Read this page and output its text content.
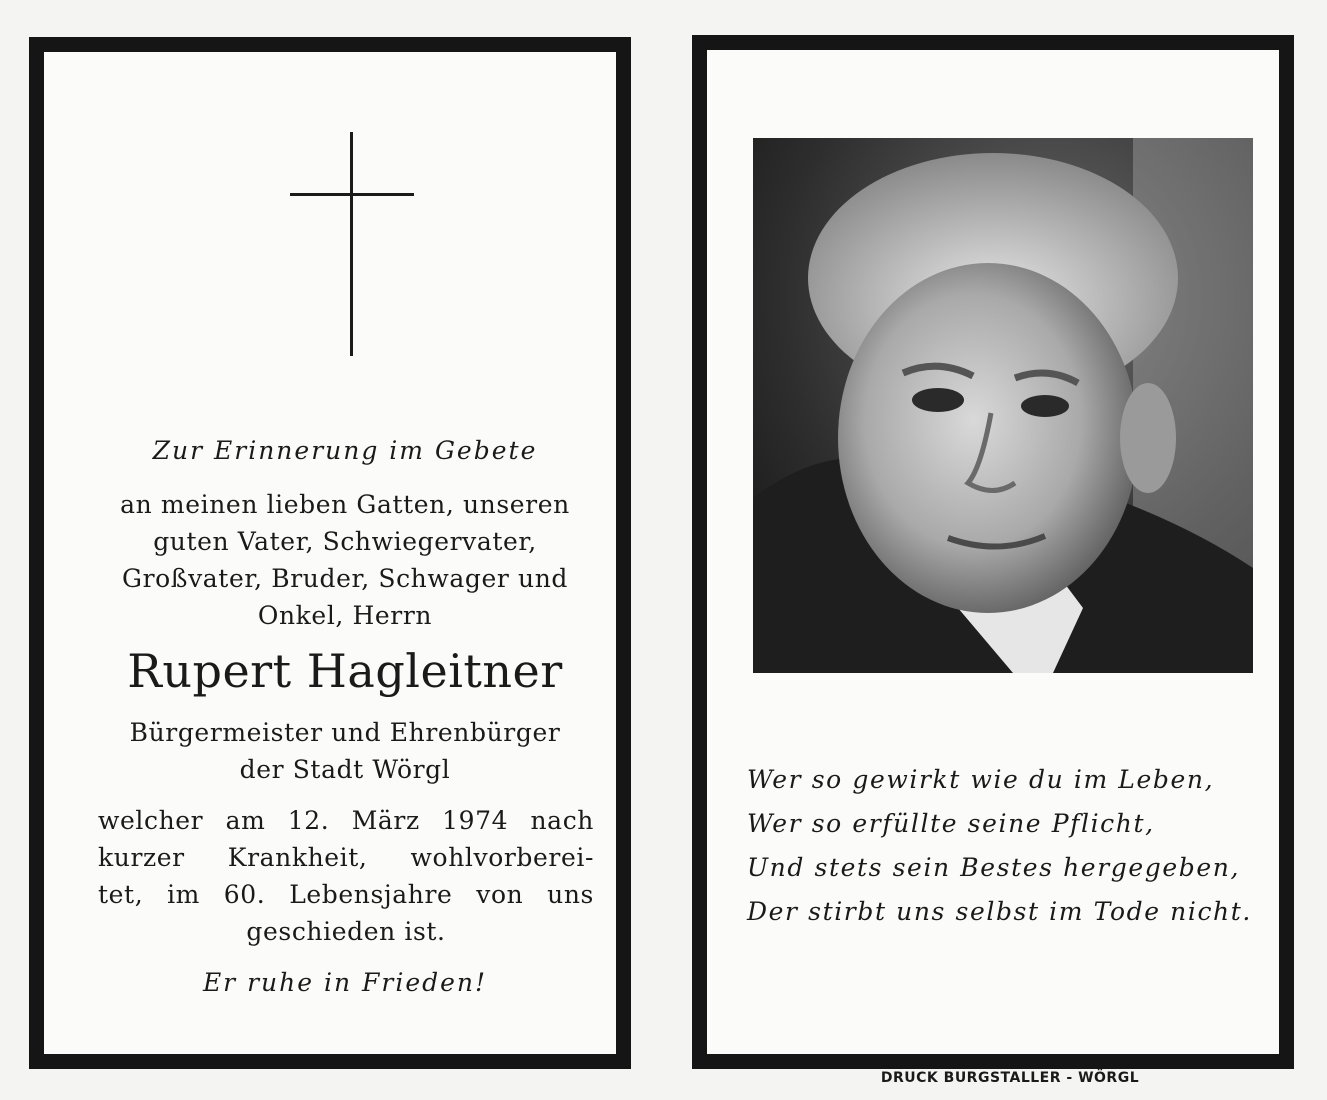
Zur Erinnerung im Gebete
an meinen lieben Gatten, unseren
guten Vater, Schwiegervater,
Großvater, Bruder, Schwager und
Onkel, Herrn
Rupert Hagleitner
Bürgermeister und Ehrenbürger
der Stadt Wörgl
welcher am 12. März 1974 nach
kurzer Krankheit, wohlvorberei-
tet, im 60. Lebensjahre von uns
geschieden ist.
Er ruhe in Frieden!
Wer so gewirkt wie du im Leben,
Wer so erfüllte seine Pflicht,
Und stets sein Bestes hergegeben,
Der stirbt uns selbst im Tode nicht.
DRUCK BURGSTALLER - WÖRGL
